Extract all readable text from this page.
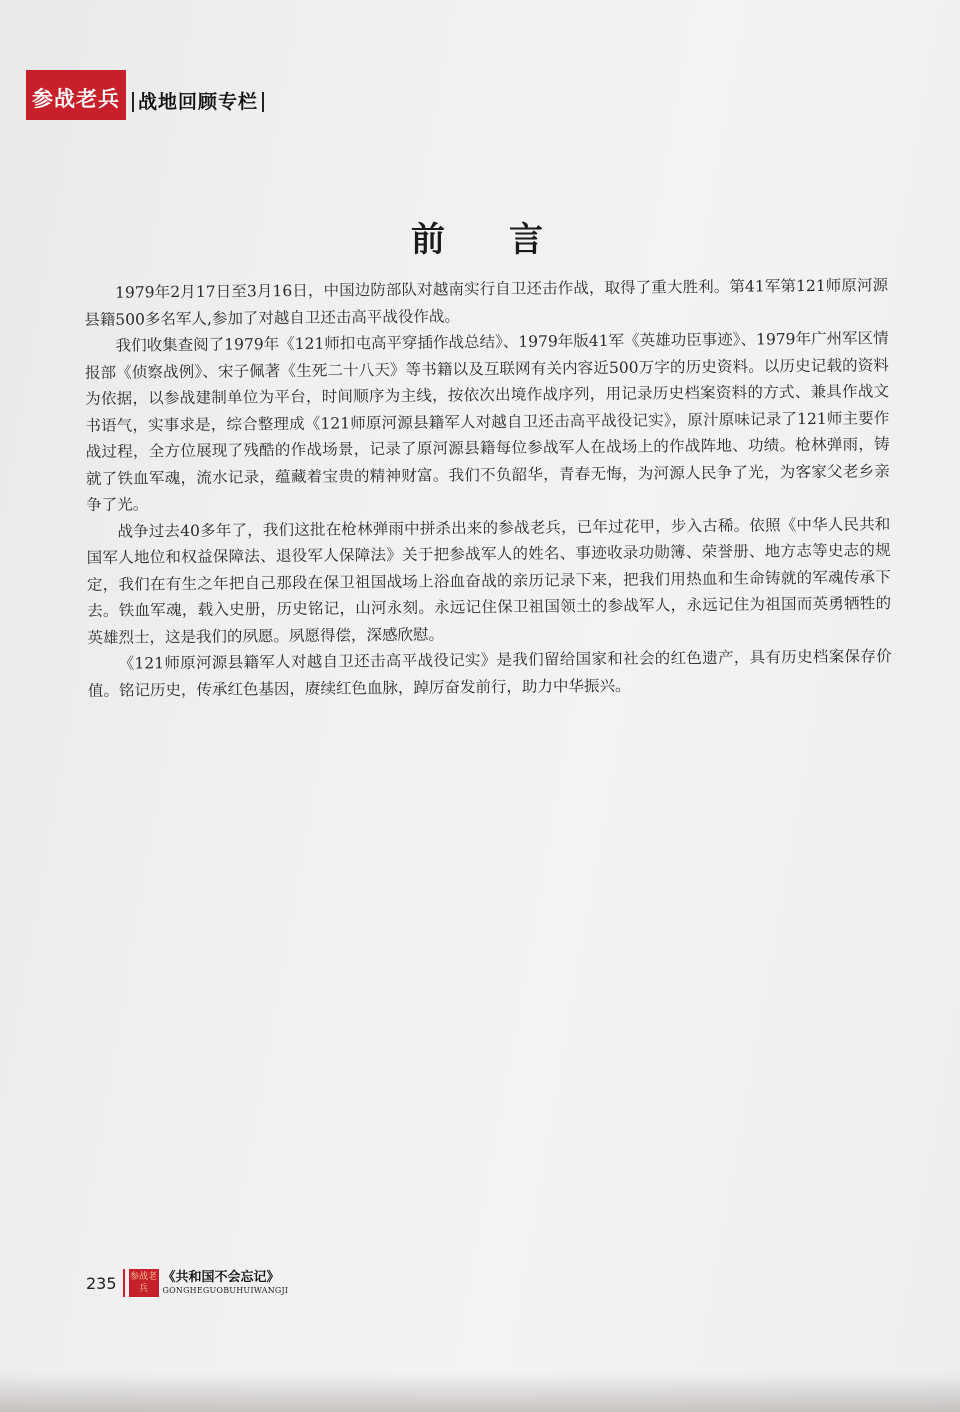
参战老兵 战地回顾专栏
前言

1979年2月17日至3月16日，中国边防部队对越南实行自卫还击作战，取得了重大胜利。第41军第121师原河源县籍500多名军人,参加了对越自卫还击高平战役作战。

我们收集查阅了1979年《121师扣屯高平穿插作战总结》、1979年版41军《英雄功臣事迹》、1979年广州军区情报部《侦察战例》、宋子佩著《生死二十八天》等书籍以及互联网有关内容近500万字的历史资料。以历史记载的资料为依据，以参战建制单位为平台，时间顺序为主线，按依次出境作战序列，用记录历史档案资料的方式、兼具作战文书语气，实事求是，综合整理成《121师原河源县籍军人对越自卫还击高平战役记实》，原汁原味记录了121师主要作战过程，全方位展现了残酷的作战场景，记录了原河源县籍每位参战军人在战场上的作战阵地、功绩。枪林弹雨，铸就了铁血军魂，流水记录，蕴藏着宝贵的精神财富。我们不负韶华，青春无悔，为河源人民争了光，为客家父老乡亲争了光。

战争过去40多年了，我们这批在枪林弹雨中拼杀出来的参战老兵，已年过花甲，步入古稀。依照《中华人民共和国军人地位和权益保障法、退役军人保障法》关于把参战军人的姓名、事迹收录功勋簿、荣誉册、地方志等史志的规定，我们在有生之年把自己那段在保卫祖国战场上浴血奋战的亲历记录下来，把我们用热血和生命铸就的军魂传承下去。铁血军魂，载入史册，历史铭记，山河永刻。永远记住保卫祖国领土的参战军人，永远记住为祖国而英勇牺牲的英雄烈士，这是我们的夙愿。夙愿得偿，深感欣慰。

《121师原河源县籍军人对越自卫还击高平战役记实》是我们留给国家和社会的红色遗产，具有历史档案保存价值。铭记历史，传承红色基因，赓续红色血脉，踔厉奋发前行，助力中华振兴。

235 参战老兵
《共和国不会忘记》
GONGHEGUOBUHUIWANGJI
